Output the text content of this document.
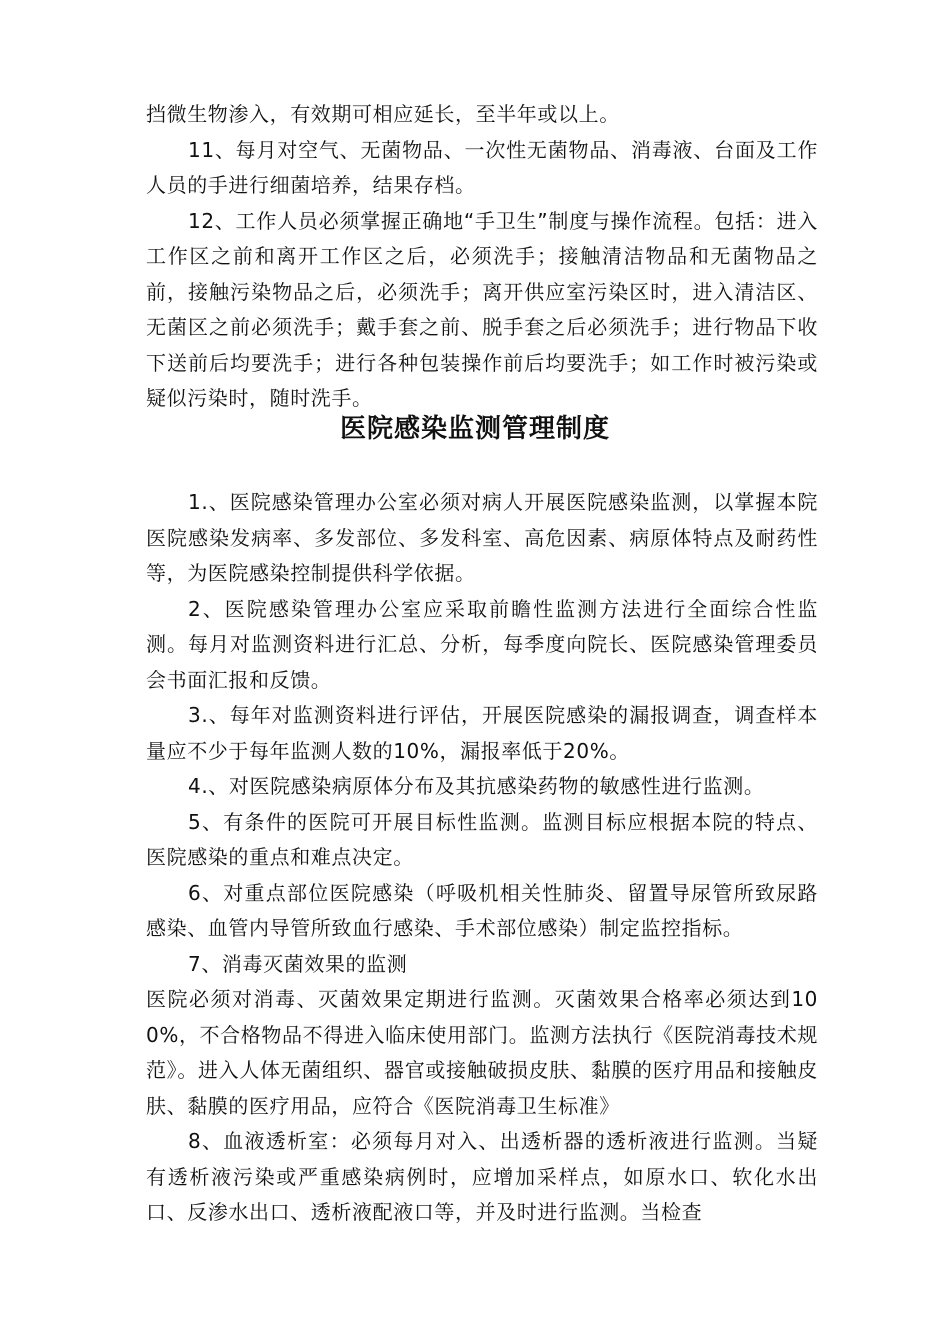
挡微生物渗入，有效期可相应延长，至半年或以上。

11、每月对空气、无菌物品、一次性无菌物品、消毒液、台面及工作人员的手进行细菌培养，结果存档。

12、工作人员必须掌握正确地“手卫生”制度与操作流程。包括：进入工作区之前和离开工作区之后，必须洗手；接触清洁物品和无菌物品之前，接触污染物品之后，必须洗手；离开供应室污染区时，进入清洁区、无菌区之前必须洗手；戴手套之前、脱手套之后必须洗手；进行物品下收下送前后均要洗手；进行各种包装操作前后均要洗手；如工作时被污染或疑似污染时，随时洗手。

医院感染监测管理制度

1.、医院感染管理办公室必须对病人开展医院感染监测，以掌握本院医院感染发病率、多发部位、多发科室、高危因素、病原体特点及耐药性等，为医院感染控制提供科学依据。

2、医院感染管理办公室应采取前瞻性监测方法进行全面综合性监测。每月对监测资料进行汇总、分析，每季度向院长、医院感染管理委员会书面汇报和反馈。

3.、每年对监测资料进行评估，开展医院感染的漏报调查，调查样本量应不少于每年监测人数的10%，漏报率低于20%。

4.、对医院感染病原体分布及其抗感染药物的敏感性进行监测。

5、有条件的医院可开展目标性监测。监测目标应根据本院的特点、医院感染的重点和难点决定。

6、对重点部位医院感染（呼吸机相关性肺炎、留置导尿管所致尿路感染、血管内导管所致血行感染、手术部位感染）制定监控指标。

7、消毒灭菌效果的监测

医院必须对消毒、灭菌效果定期进行监测。灭菌效果合格率必须达到100%，不合格物品不得进入临床使用部门。监测方法执行《医院消毒技术规范》。进入人体无菌组织、器官或接触破损皮肤、黏膜的医疗用品和接触皮肤、黏膜的医疗用品，应符合《医院消毒卫生标准》

8、血液透析室：必须每月对入、出透析器的透析液进行监测。当疑有透析液污染或严重感染病例时，应增加采样点，如原水口、软化水出口、反渗水出口、透析液配液口等，并及时进行监测。当检查
